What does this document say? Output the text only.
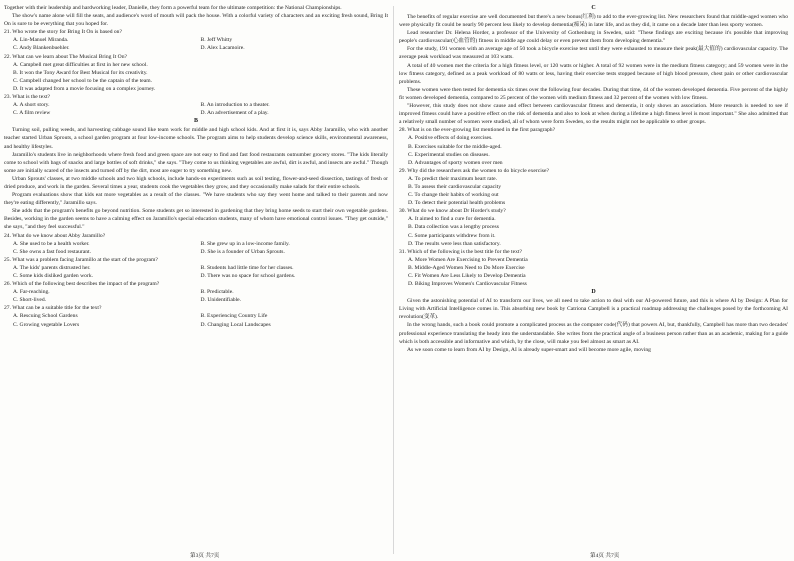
Together with their leadership and hardworking leader, Danielle, they form a powerful team for the ultimate competition: the National Championships.

The show's name alone will fill the seats, and audience's word of mouth will pack the house. With a colorful variety of characters and an exciting fresh sound, Bring It On is sure to be everything that you hoped for.

21. Who wrote the story for Bring It On is based on?

A. Lin-Manuel Miranda.	B. Jeff Whitty
C. Andy Blankenbuehler.	D. Alex Lacamoire.

22. What can we learn about The Musical Bring It On?

A. Campbell met great difficulties at first in her new school.

B. It won the Tony Award for Best Musical for its creativity.

C. Campbell changed her school to be the captain of the team.

D. It was adapted from a movie focusing on a complex journey.

23. What is the text?

A. A short story.	B. An introduction to a theater.
C. A film review	D. An advertisement of a play.

B

Turning soil, pulling weeds, and harvesting cabbage sound like team work for middle and high school kids. And at first it is, says Abby Jaramillo, who with another teacher started Urban Sprouts, a school garden program at four low-income schools. The program aims to help students develop science skills, environmental awareness, and healthy lifestyles.

Jaramillo's students live in neighborhoods where fresh food and green space are not easy to find and fast food restaurants outnumber grocery stores. "The kids literally come to school with bags of snacks and large bottles of soft drinks," she says. "They come to us thinking vegetables are awful, dirt is awful, and insects are awful." Though some are initially scared of the insects and turned off by the dirt, most are eager to try something new.

Urban Sprouts' classes, at two middle schools and two high schools, include hands-on experiments such as soil testing, flower-and-seed dissection, tastings of fresh or dried produce, and work in the garden. Several times a year, students cook the vegetables they grow, and they occasionally make salads for their entire schools.

Program evaluations show that kids eat more vegetables as a result of the classes. "We have students who say they went home and talked to their parents and now they're eating differently," Jaramillo says.

She adds that the program's benefits go beyond nutrition. Some students get so interested in gardening that they bring home seeds to start their own vegetable gardens. Besides, working in the garden seems to have a calming effect on Jaramillo's special education students, many of whom have emotional control issues. "They get outside," she says, "and they feel successful."

24. What do we know about Abby Jaramillo?

A. She used to be a health worker.	B. She grew up in a low-income family.
C. She owns a fast food restaurant.	D. She is a founder of Urban Sprouts.

25. What was a problem facing Jaramillo at the start of the program?

A. The kids' parents distrusted her.	B. Students had little time for her classes.
C. Some kids disliked garden work.	D. There was no space for school gardens.

26. Which of the following best describes the impact of the program?

A. Far-reaching.	B. Predictable.
C. Short-lived.	D. Unidentifiable.

27. What can be a suitable title for the text?

A. Rescuing School Gardens	B. Experiencing Country Life
C. Growing vegetable Lovers	D. Changing Local Landscapes
第3页 共7页

C

The benefits of regular exercise are well documented but there's a new bonus(红利) to add to the ever-growing list. New researchers found that middle-aged women who were physically fit could be nearly 90 percent less likely to develop dementia(痴呆) in later life, and as they did, it came on a decade later than less sporty women.

Lead researcher Dr. Helena Horder, a professor of the University of Gothenburg in Sweden, said: "These findings are exciting because it's possible that improving people's cardiovascular(心血管的) fitness in middle age could delay or even prevent them from developing dementia."

For the study, 191 women with an average age of 50 took a bicycle exercise test until they were exhausted to measure their peak(最大值的) cardiovascular capacity. The average peak workload was measured at 103 watts.

A total of 40 women met the criteria for a high fitness level, or 120 watts or higher. A total of 92 women were in the medium fitness category; and 59 women were in the low fitness category, defined as a peak workload of 80 watts or less, having their exercise tests stopped because of high blood pressure, chest pain or other cardiovascular problems.

These women were then tested for dementia six times over the following four decades. During that time, 44 of the women developed dementia. Five percent of the highly fit women developed dementia, compared to 25 percent of the women with medium fitness and 32 percent of the women with low fitness.

"However, this study does not show cause and effect between cardiovascular fitness and dementia, it only shows an association. More research is needed to see if improved fitness could have a positive effect on the risk of dementia and also to look at when during a lifetime a high fitness level is most important." She also admitted that a relatively small number of women were studied, all of whom were form Sweden, so the results might not be applicable to other groups.

28. What is on the ever-growing list mentioned in the first paragraph?

A. Positive effects of doing exercises.

B. Exercises suitable for the middle-aged.

C. Experimental studies on diseases.

D. Advantages of sporty women over men

29. Why did the researchers ask the women to do bicycle exercise?

A. To predict their maximum heart rate.

B. To assess their cardiovascular capacity

C. To change their habits of working out

D. To detect their potential health problems

30. What do we know about Dr Horder's study?

A. It aimed to find a cure for dementia.

B. Data collection was a lengthy process

C. Some participants withdrew from it.

D. The results were less than satisfactory.

31. Which of the following is the best title for the text?

A. More Women Are Exercising to Prevent Dementia

B. Middle-Aged Women Need to Do More Exercise

C. Fit Women Are Less Likely to Develop Dementia

D. Biking Improves Women's Cardiovascular Fitness

D

Given the astonishing potential of AI to transform our lives, we all need to take action to deal with our AI-powered future, and this is where AI by Design: A Plan for Living with Artificial Intelligence comes in. This absorbing new book by Catriona Campbell is a practical roadmap addressing the challenges posed by the forthcoming AI revolution(变革).

In the wrong hands, such a book could promote a complicated process as the computer code(代码) that powers AI, but, thankfully, Campbell has more than two decades' professional experience translating the heady into the understandable. She writes from the practical angle of a business person rather than as an academic, making for a guide which is both accessible and informative and which, by the close, will make you feel almost as smart as AI.

As we soon come to learn from AI by Design, AI is already super-smart and will become more agile, moving

第4页 共7页
